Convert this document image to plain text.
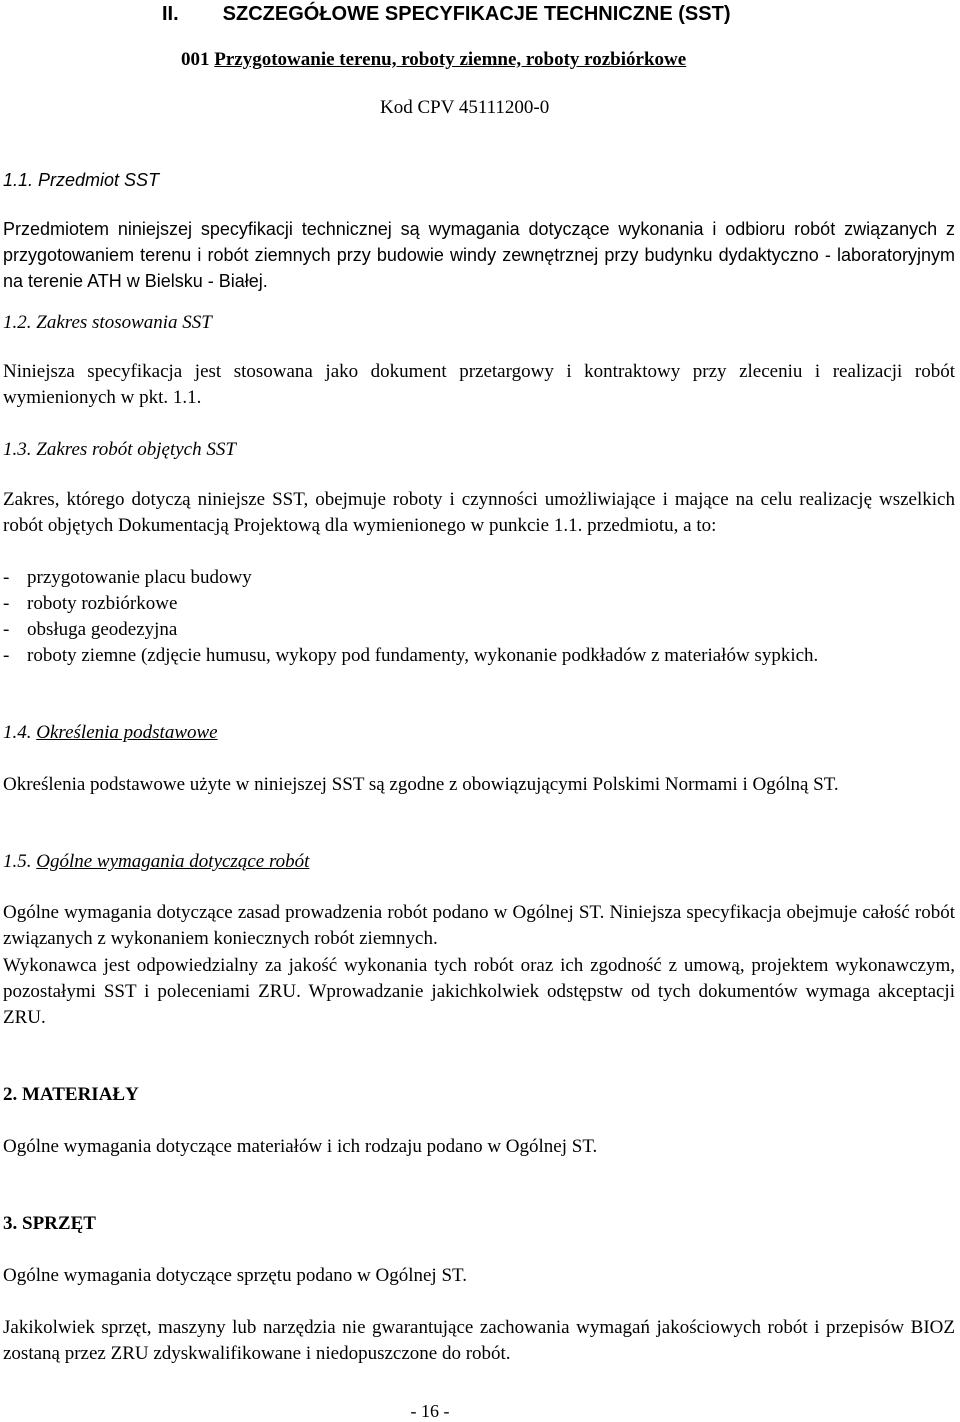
II. SZCZEGÓŁOWE SPECYFIKACJE TECHNICZNE (SST)
001 Przygotowanie terenu, roboty ziemne, roboty rozbiórkowe
Kod CPV 45111200-0
1.1. Przedmiot SST
Przedmiotem niniejszej specyfikacji technicznej są wymagania dotyczące wykonania i odbioru robót związanych z przygotowaniem terenu i robót ziemnych przy budowie windy zewnętrznej przy budynku dydaktyczno - laboratoryjnym na terenie ATH w Bielsku - Białej.
1.2. Zakres stosowania SST
Niniejsza specyfikacja jest stosowana jako dokument przetargowy i kontraktowy przy zleceniu i realizacji robót wymienionych w pkt. 1.1.
1.3. Zakres robót objętych SST
Zakres, którego dotyczą niniejsze SST, obejmuje roboty i czynności umożliwiające i mające na celu realizację wszelkich robót objętych Dokumentacją Projektową dla wymienionego w punkcie 1.1. przedmiotu, a to:
- przygotowanie placu budowy
- roboty rozbiórkowe
- obsługa geodezyjna
- roboty ziemne (zdjęcie humusu, wykopy pod fundamenty, wykonanie podkładów z materiałów sypkich.
1.4. Określenia podstawowe
Określenia podstawowe użyte w niniejszej SST są zgodne z obowiązującymi Polskimi Normami i Ogólną ST.
1.5. Ogólne wymagania dotyczące robót
Ogólne wymagania dotyczące zasad prowadzenia robót podano w Ogólnej ST. Niniejsza specyfikacja obejmuje całość robót związanych z wykonaniem koniecznych robót ziemnych.
Wykonawca jest odpowiedzialny za jakość wykonania tych robót oraz ich zgodność z umową, projektem wykonawczym, pozostałymi SST i poleceniami ZRU. Wprowadzanie jakichkolwiek odstępstw od tych dokumentów wymaga akceptacji ZRU.
2. MATERIAŁY
Ogólne wymagania dotyczące materiałów i ich rodzaju podano w Ogólnej ST.
3. SPRZĘT
Ogólne wymagania dotyczące sprzętu podano w Ogólnej ST.
Jakikolwiek sprzęt, maszyny lub narzędzia nie gwarantujące zachowania wymagań jakościowych robót i przepisów BIOZ zostaną przez ZRU zdyskwalifikowane i niedopuszczone do robót.
- 16 -
